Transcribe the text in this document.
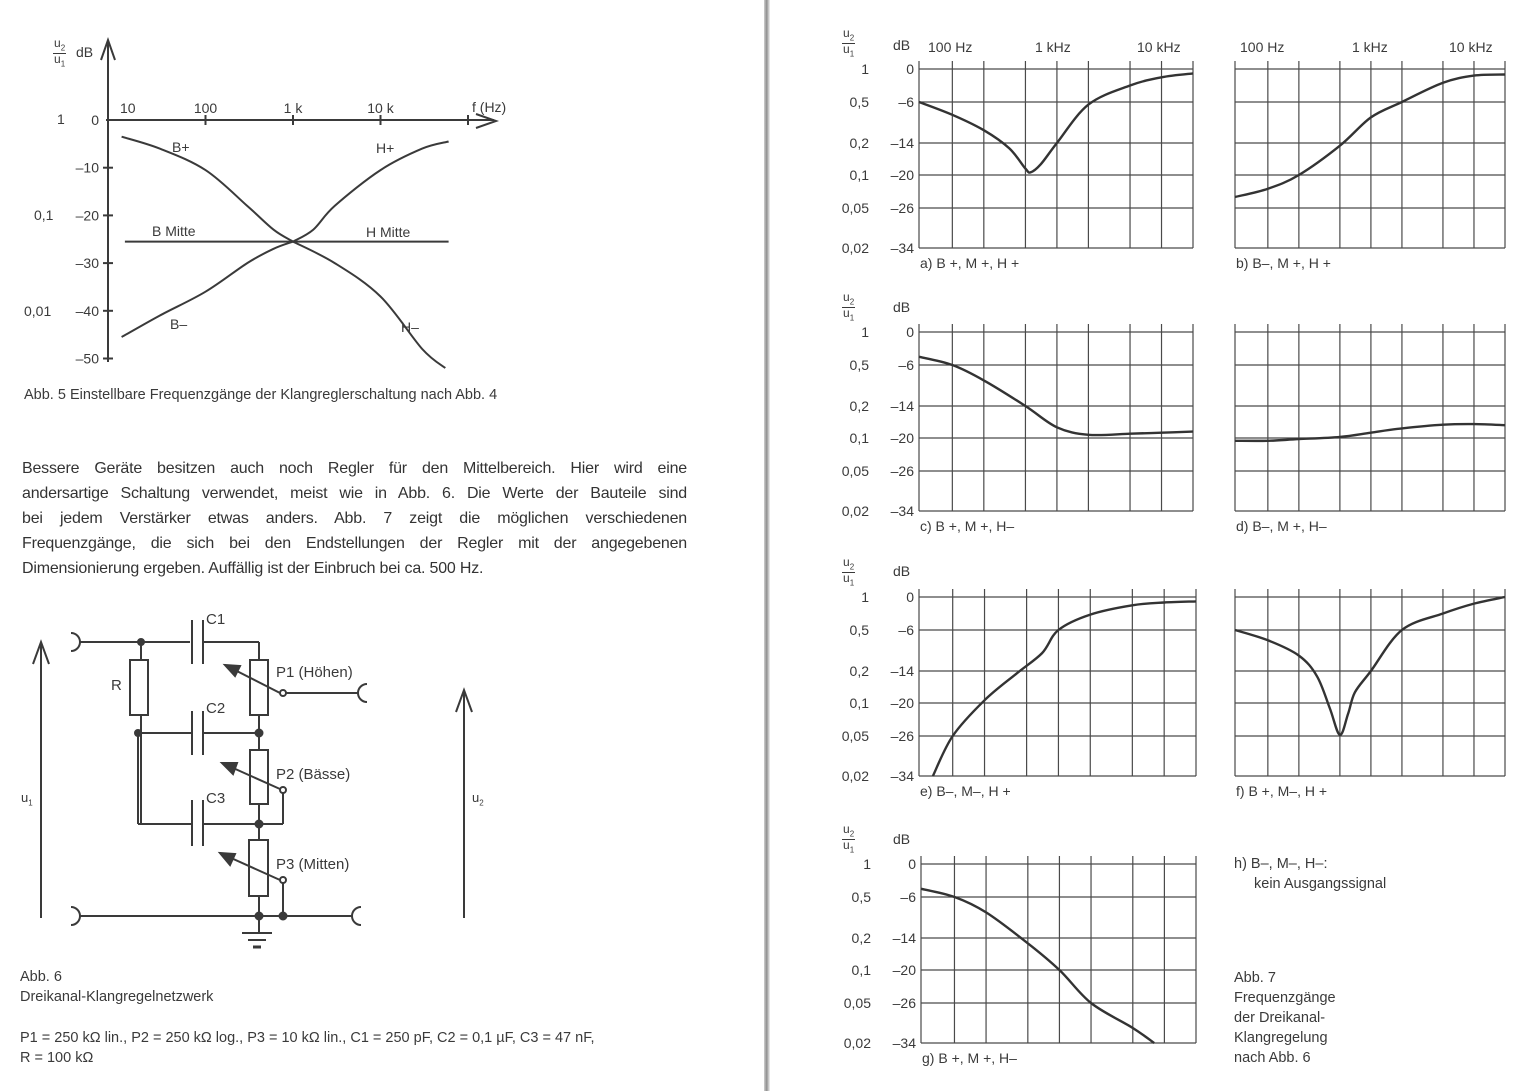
10	100	1 k	10 k
0
–10
–20
–30
–40
–50
B+	H+
B Mitte	H Mitte
B–	H–
$\frac{u_2}{u_1}$ dB
f (Hz)
1
0,1
0,01
Abb. 5 Einstellbare Frequenzgänge der Klangreglerschaltung nach Abb. 4
Bessere Geräte besitzen auch noch Regler für den Mittelbereich. Hier wird eine
andersartige Schaltung verwendet, meist wie in Abb. 6. Die Werte der Bauteile sind
bei jedem Verstärker etwas anders. Abb. 7 zeigt die möglichen verschiedenen
Frequenzgänge, die sich bei den Endstellungen der Regler mit der angegebenen
Dimensionierung ergeben. Auffällig ist der Einbruch bei ca. 500 Hz.
C1
C2
C3
R
P1 (Höhen)
P2 (Bässe)
P3 (Mitten)
$u_1$	$u_2$
Abb. 6
Dreikanal-Klangregelnetzwerk
P1 = 250 kΩ lin., P2 = 250 kΩ log., P3 = 10 kΩ lin., C1 = 250 pF, C2 = 0,1 µF, C3 = 47 nF,
R = 100 kΩ
0
1
–6
0,5
–14
0,2
–20
0,1
–26
0,05
–34
0,02
a) B +, M +, H +	b) B–, M +, H +
0
1
–6
0,5
–14
0,2
–20
0,1
–26
0,05
–34
0,02
c) B +, M +, H–	d) B–, M +, H–
0
1
–6
0,5
–14
0,2
–20
0,1
–26
0,05
–34
0,02
e) B–, M–, H +	f) B +, M–, H +
0
1
–6
0,5
–14
0,2
–20
0,1
–26
0,05
–34
0,02
g) B +, M +, H–
$\frac{u_2}{u_1}$
$\frac{u_2}{u_1}$
$\frac{u_2}{u_1}$
$\frac{u_2}{u_1}$
dB
dB
dB
dB
100 Hz	1 kHz	10 kHz	100 Hz	1 kHz	10 kHz
h) B–, M–, H–:
kein Ausgangssignal
Abb. 7
Frequenzgänge
der Dreikanal-
Klangregelung
nach Abb. 6
